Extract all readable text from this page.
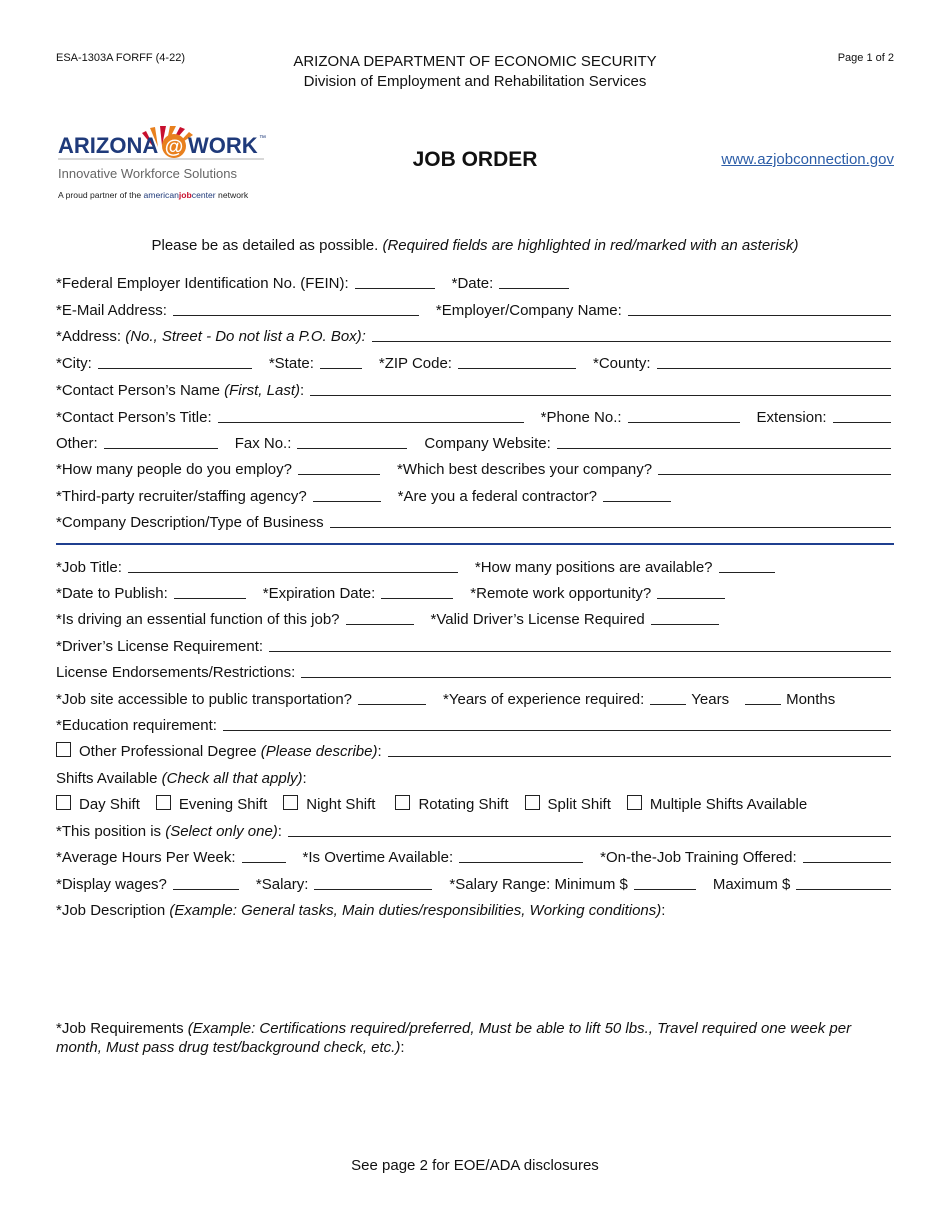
ESA-1303A FORFF (4-22)	Page 1 of 2
ARIZONA DEPARTMENT OF ECONOMIC SECURITY
Division of Employment and Rehabilitation Services
ARIZONA @ WORK ™
Innovative Workforce Solutions
A proud partner of the americanjobcenter network
JOB ORDER	www.azjobconnection.gov
Please be as detailed as possible. (Required fields are highlighted in red/marked with an asterisk)
*Federal Employer Identification No. (FEIN):	*Date:
*E-Mail Address:	*Employer/Company Name:
*Address: (No., Street - Do not list a P.O. Box):
*City:	*State:	*ZIP Code:	*County:
*Contact Person’s Name (First, Last):
*Contact Person’s Title:	*Phone No.:	Extension:
Other:	Fax No.:	Company Website:
*How many people do you employ?	*Which best describes your company?
*Third-party recruiter/staffing agency?	*Are you a federal contractor?
*Company Description/Type of Business
*Job Title:	*How many positions are available?
*Date to Publish:	*Expiration Date:	*Remote work opportunity?
*Is driving an essential function of this job?	*Valid Driver’s License Required
*Driver’s License Requirement:
License Endorsements/Restrictions:
*Job site accessible to public transportation?	*Years of experience required:	Years	Months
*Education requirement:
Other Professional Degree (Please describe):
Shifts Available (Check all that apply):
Day Shift	Evening Shift	Night Shift	Rotating Shift	Split Shift	Multiple Shifts Available
*This position is (Select only one):
*Average Hours Per Week:	*Is Overtime Available:	*On-the-Job Training Offered:
*Display wages?	*Salary:	*Salary Range: Minimum $	Maximum $
*Job Description (Example: General tasks, Main duties/responsibilities, Working conditions):
*Job Requirements (Example: Certifications required/preferred, Must be able to lift 50 lbs., Travel required one week per month, Must pass drug test/background check, etc.):
See page 2 for EOE/ADA disclosures
